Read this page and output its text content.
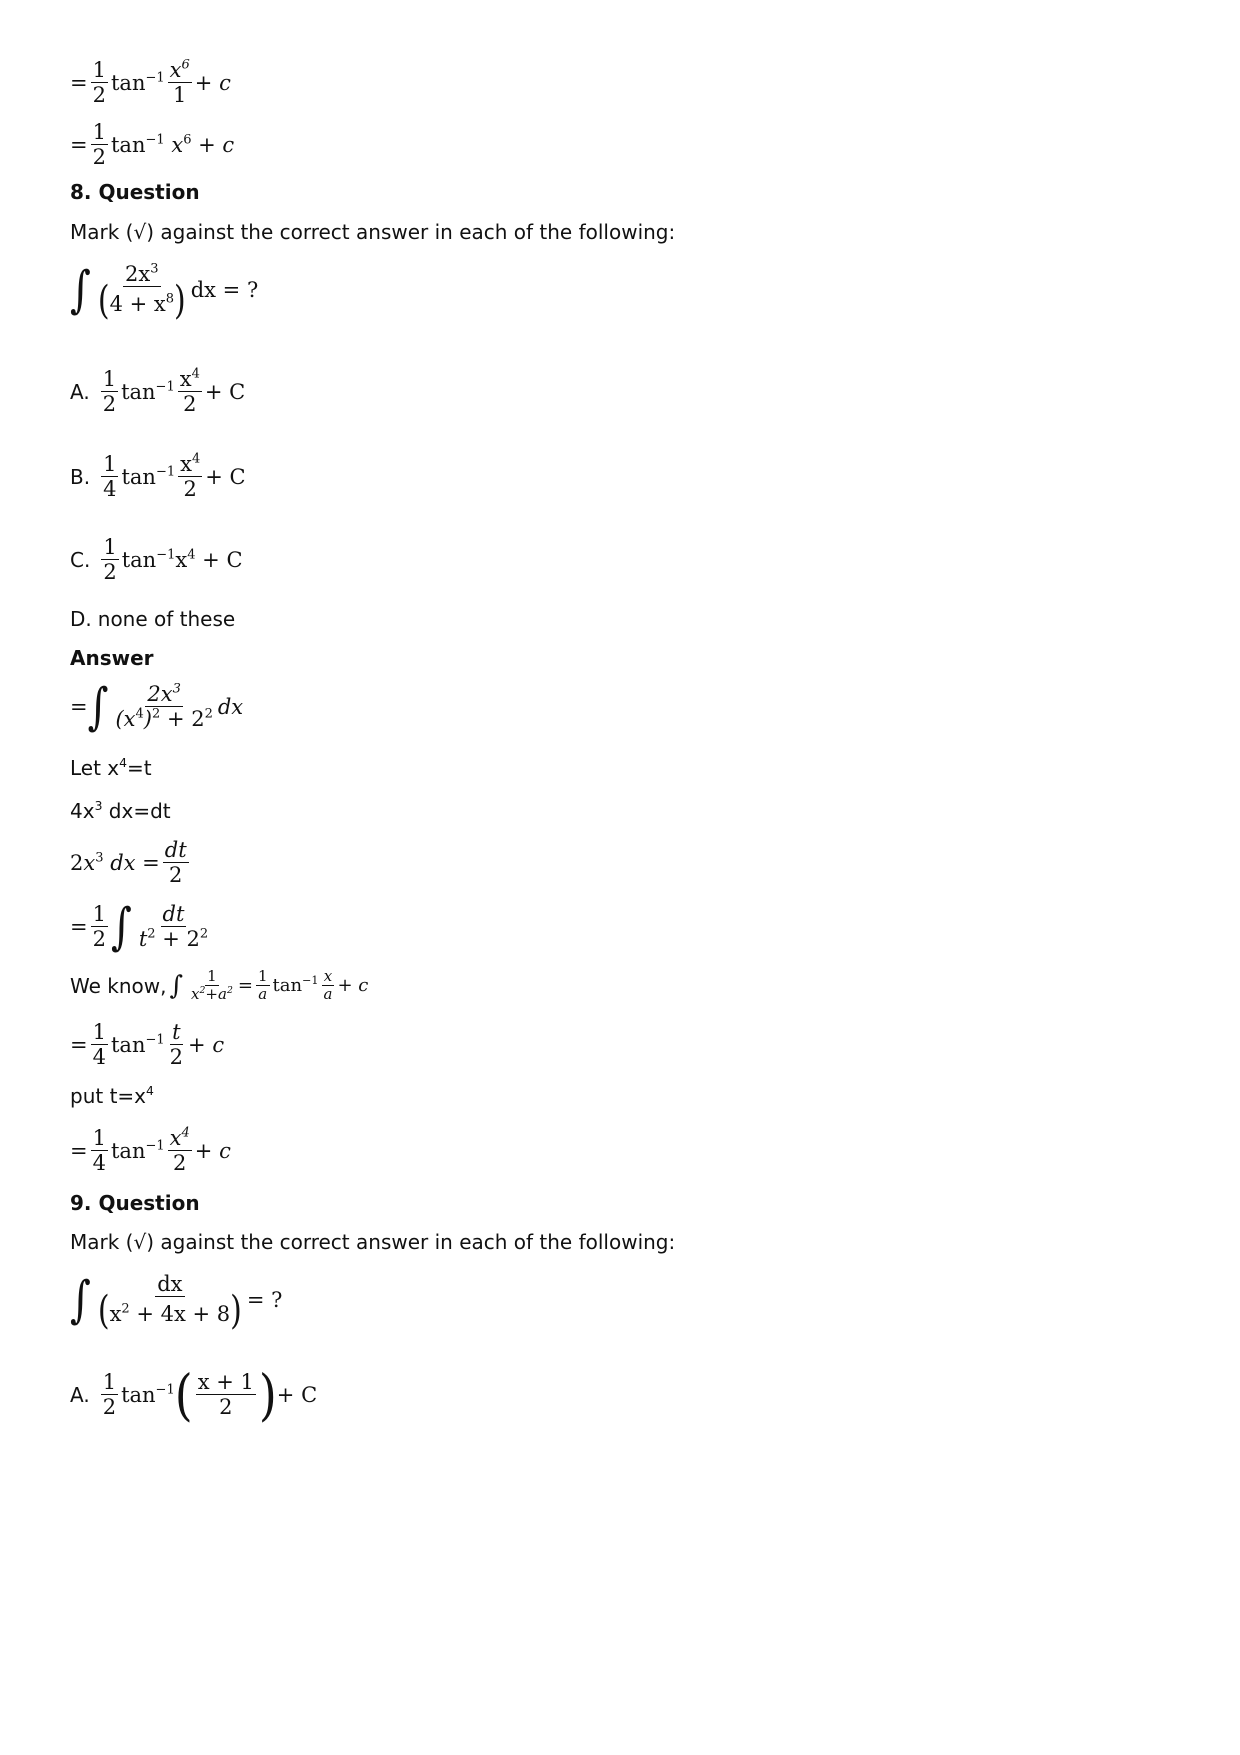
= $\frac{1}{2} \tan^{-1} \frac{x^6}{1} + c$
= $\frac{1}{2} \tan^{-1} x^6 + c$
8. Question
Mark (√) against the correct answer in each of the following:
∫ $\frac{2x^3}{(4 + x^8)}$ dx = ?
A. $\frac{1}{2} \tan^{-1} \frac{x^4}{2} + C$
B. $\frac{1}{4} \tan^{-1} \frac{x^4}{2} + C$
C. $\frac{1}{2} \tan^{-1}x^4 + C$
D. none of these
Answer
= ∫ $\frac{2x^3}{(x^4)^2 + 2^2}$ dx
Let $x^4=t$
$4x^3$ dx=dt
$2x^3$ dx = $\frac{dt}{2}$
= $\frac{1}{2}$ ∫ $\frac{dt}{t^2 + 2^2}$
We know, ∫ $\frac{1}{x^2+a^2} = \frac{1}{a} \tan^{-1} \frac{x}{a} + c$
= $\frac{1}{4} \tan^{-1} \frac{t}{2} + c$
put $t=x^4$
= $\frac{1}{4} \tan^{-1} \frac{x^4}{2} + c$
9. Question
Mark (√) against the correct answer in each of the following:
∫ $\frac{dx}{(x^2 + 4x + 8)}$ = ?
A. $\frac{1}{2} \tan^{-1}$ ( $\frac{x + 1}{2}$ ) + C
